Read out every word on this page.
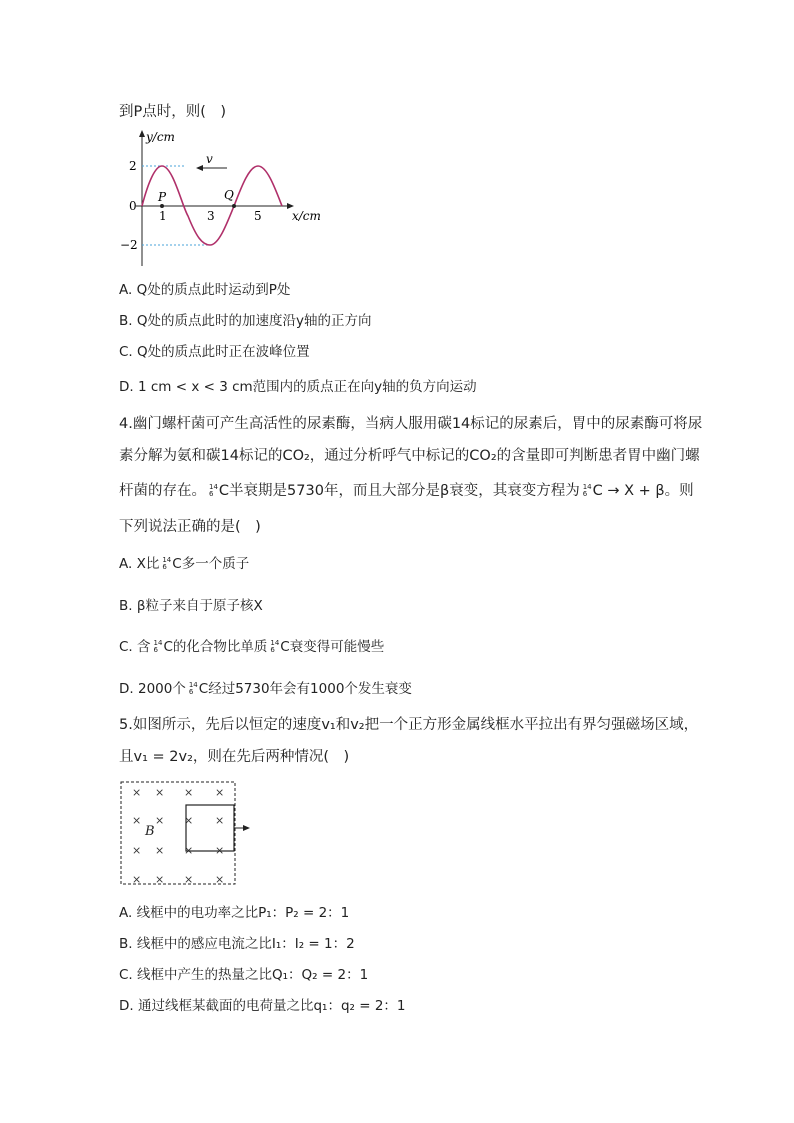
到P点时，则(　)
y/cm
2
0
−2
1	3	5	x/cm
P	Q
v
A. Q处的质点此时运动到P处
B. Q处的质点此时的加速度沿y轴的正方向
C. Q处的质点此时正在波峰位置
D. 1 cm < x < 3 cm范围内的质点正在向y轴的负方向运动
4.幽门螺杆菌可产生高活性的尿素酶，当病人服用碳14标记的尿素后，胃中的尿素酶可将尿
素分解为氨和碳14标记的CO₂，通过分析呼气中标记的CO₂的含量即可判断患者胃中幽门螺
杆菌的存在。 14
6 C半衰期是5730年，而且大部分是β衰变，其衰变方程为 14
6 C → X + β。则
下列说法正确的是(　)
A. X比 14
6 C多一个质子
B. β粒子来自于原子核X
C. 含 14
6 C的化合物比单质 14
6 C衰变得可能慢些
D. 2000个 14
6 C经过5730年会有1000个发生衰变
5.如图所示，先后以恒定的速度v₁和v₂把一个正方形金属线框水平拉出有界匀强磁场区域，
且v₁ = 2v₂，则在先后两种情况(　)
× × × ×
× × × ×
× × × ×
× × × ×
B
A. 线框中的电功率之比P₁：P₂ = 2：1
B. 线框中的感应电流之比I₁：I₂ = 1：2
C. 线框中产生的热量之比Q₁：Q₂ = 2：1
D. 通过线框某截面的电荷量之比q₁：q₂ = 2：1
